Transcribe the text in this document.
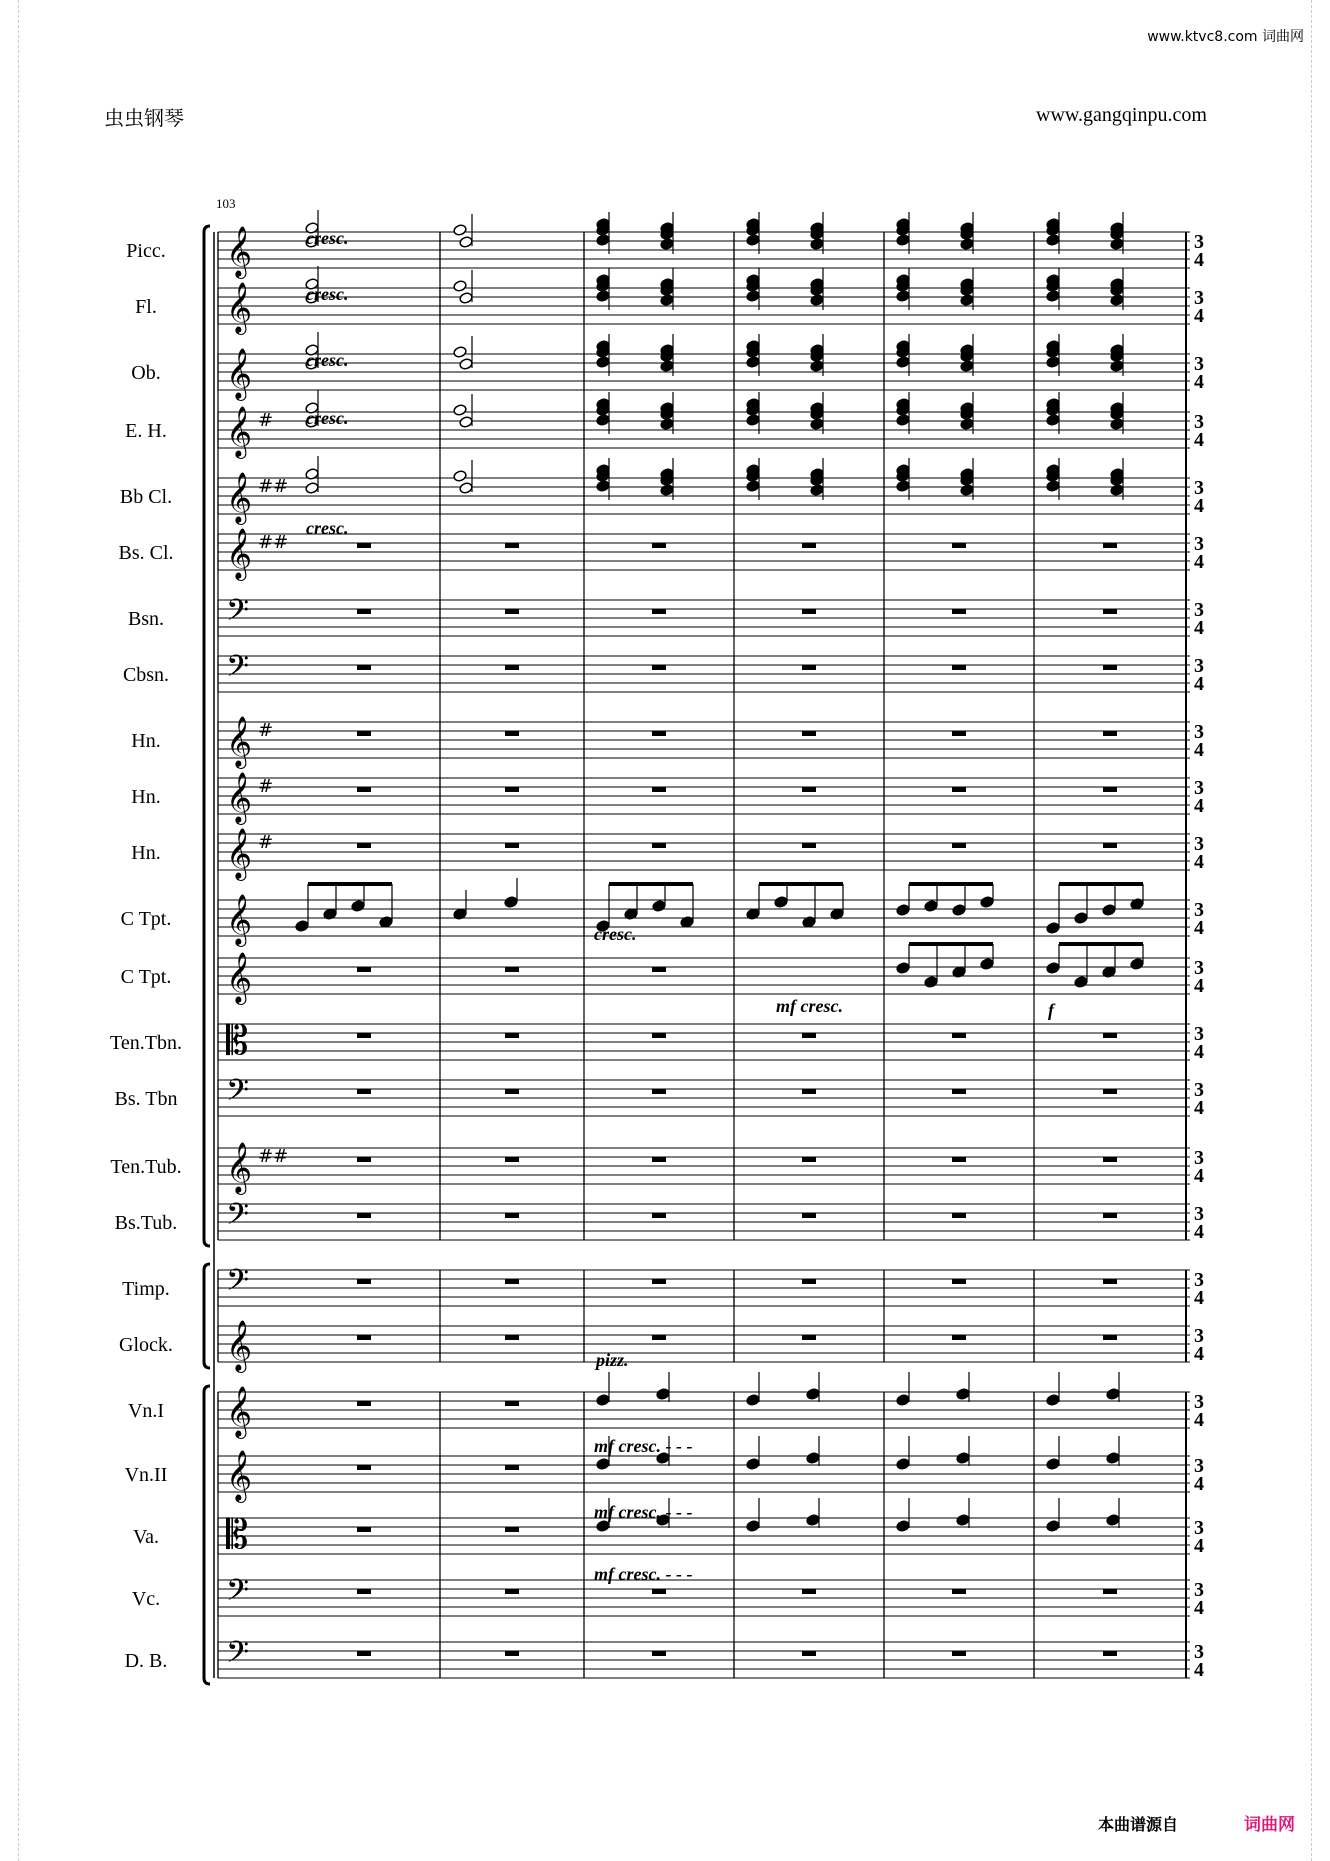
www.ktvc8.com 词曲网
虫虫钢琴	www.gangqinpu.com
103
𝄞	3
4
𝄞	3
4
𝄞	3
4
𝄞 #	3
4
𝄞 ##	3
4
𝄞 ##	3
4
𝄢	3
4
𝄢	3
4
𝄞 #	3
4
𝄞 #	3
4
𝄞 #	3
4
𝄞	3
4
𝄞	3
4
𝄡	3
4
𝄢	3
4
𝄞 ##	3
4
𝄢	3
4
𝄢	3
4
𝄞	3
4
𝄞	3
4
𝄞	3
4
𝄡	3
4
𝄢	3
4
𝄢	3
4
cresc.
cresc.
cresc.
cresc.
cresc.
cresc.
mf cresc.	f
pizz.
mf cresc. - - -
mf cresc. - - -
mf cresc. - - -
Picc.
Fl.
Ob.
E. H.
Bb Cl.
Bs. Cl.
Bsn.
Cbsn.
Hn.
Hn.
Hn.
C Tpt.
C Tpt.
Ten.Tbn.
Bs. Tbn
Ten.Tub.
Bs.Tub.
Timp.
Glock.
Vn.I
Vn.II
Va.
Vc.
D. B.
本曲谱源自	词曲网
